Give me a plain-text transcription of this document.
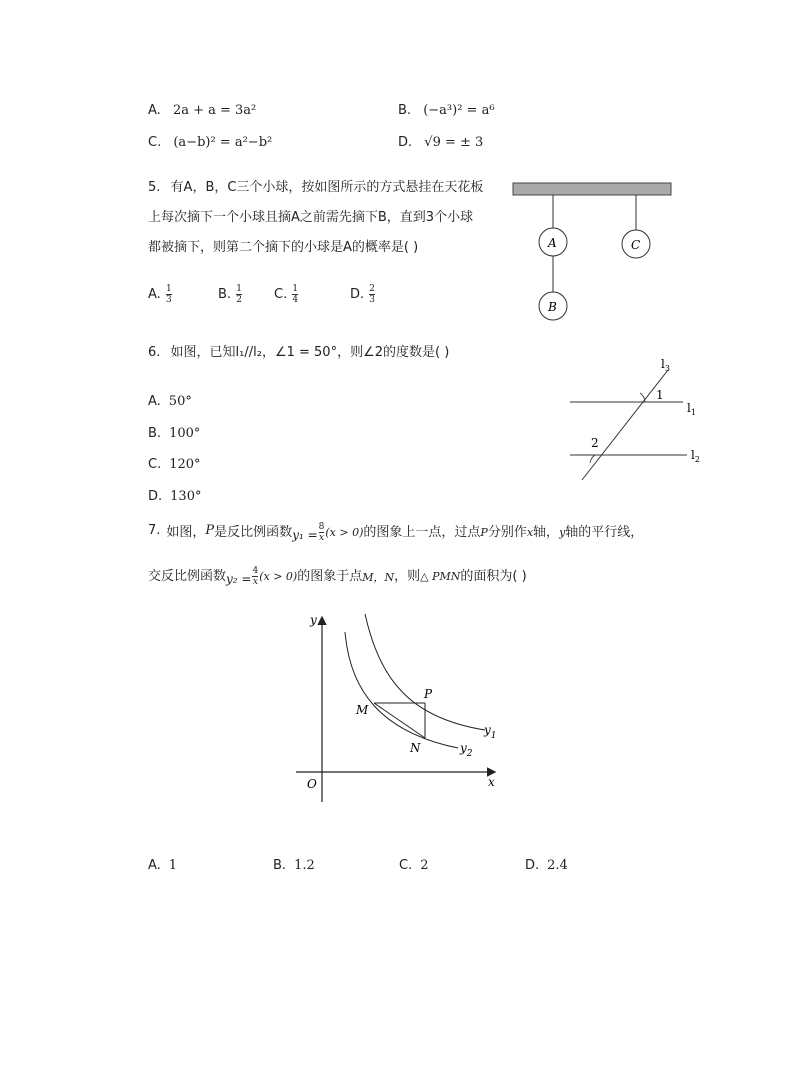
A. 2a + a = 3a²	B. (−a³)² = a⁶
C. (a−b)² = a²−b²	D. √9 = ± 3
5. 有A，B，C三个小球，按如图所示的方式悬挂在天花板
上每次摘下一个小球且摘A之前需先摘下B，直到3个小球
都被摘下，则第二个摘下的小球是A的概率是( )
A. $\frac{1}{3}$	B. $\frac{1}{2} C$. $\frac{1}{4}$	D. $\frac{2}{3}$
A
B
C
6. 如图，已知l₁//l₂，∠1 = 50°，则∠2的度数是( )
A. 50°
B. 100°
C. 120°
D. 130°
1
2
$l_3$
$l_1$
$l_2$
7. 如图， P 是反比例函数 $y_1 = \frac{8}{x} (x > 0)$ 的图象上一点，过点 P 分别作 x 轴， y 轴的平行线，
交反比例函数 $y_2 = \frac{4}{x} (x > 0)$ 的图象于点 M，N ，则 △ PMN 的面积为( )
y
x
O
P
M
N
$y_1$
$y_2$
A. 1	B. 1.2	C. 2	D. 2.4
